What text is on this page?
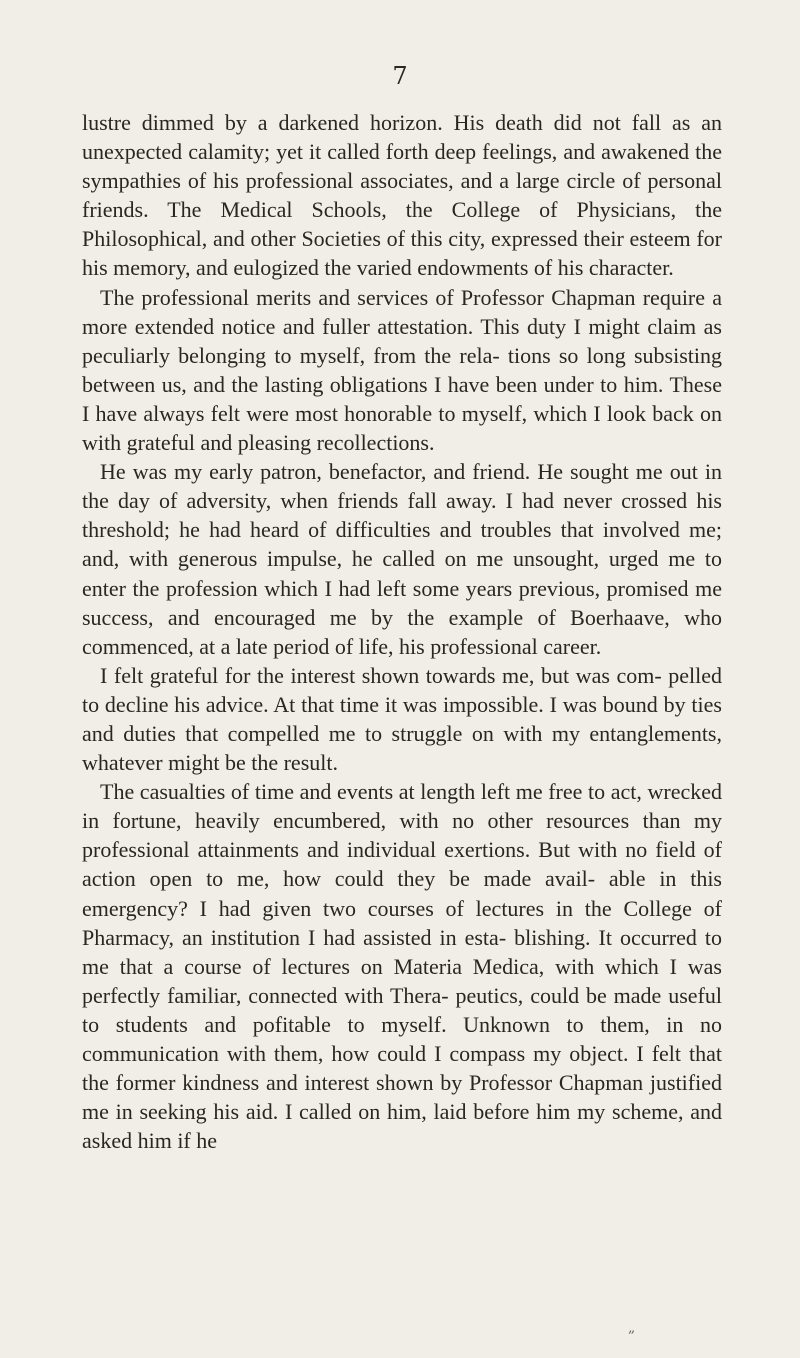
7

lustre dimmed by a darkened horizon. His death did not fall as an unexpected calamity; yet it called forth deep feelings, and awakened the sympathies of his professional associates, and a large circle of personal friends. The Medical Schools, the College of Physicians, the Philosophical, and other Societies of this city, expressed their esteem for his memory, and eulogized the varied endowments of his character.

The professional merits and services of Professor Chapman require a more extended notice and fuller attestation. This duty I might claim as peculiarly belonging to myself, from the rela- tions so long subsisting between us, and the lasting obligations I have been under to him. These I have always felt were most honorable to myself, which I look back on with grateful and pleasing recollections.

He was my early patron, benefactor, and friend. He sought me out in the day of adversity, when friends fall away. I had never crossed his threshold; he had heard of difficulties and troubles that involved me; and, with generous impulse, he called on me unsought, urged me to enter the profession which I had left some years previous, promised me success, and encouraged me by the example of Boerhaave, who commenced, at a late period of life, his professional career.

I felt grateful for the interest shown towards me, but was com- pelled to decline his advice. At that time it was impossible. I was bound by ties and duties that compelled me to struggle on with my entanglements, whatever might be the result.

The casualties of time and events at length left me free to act, wrecked in fortune, heavily encumbered, with no other resources than my professional attainments and individual exertions. But with no field of action open to me, how could they be made avail- able in this emergency? I had given two courses of lectures in the College of Pharmacy, an institution I had assisted in esta- blishing. It occurred to me that a course of lectures on Materia Medica, with which I was perfectly familiar, connected with Thera- peutics, could be made useful to students and pofitable to myself. Unknown to them, in no communication with them, how could I compass my object. I felt that the former kindness and interest shown by Professor Chapman justified me in seeking his aid. I called on him, laid before him my scheme, and asked him if he

„
